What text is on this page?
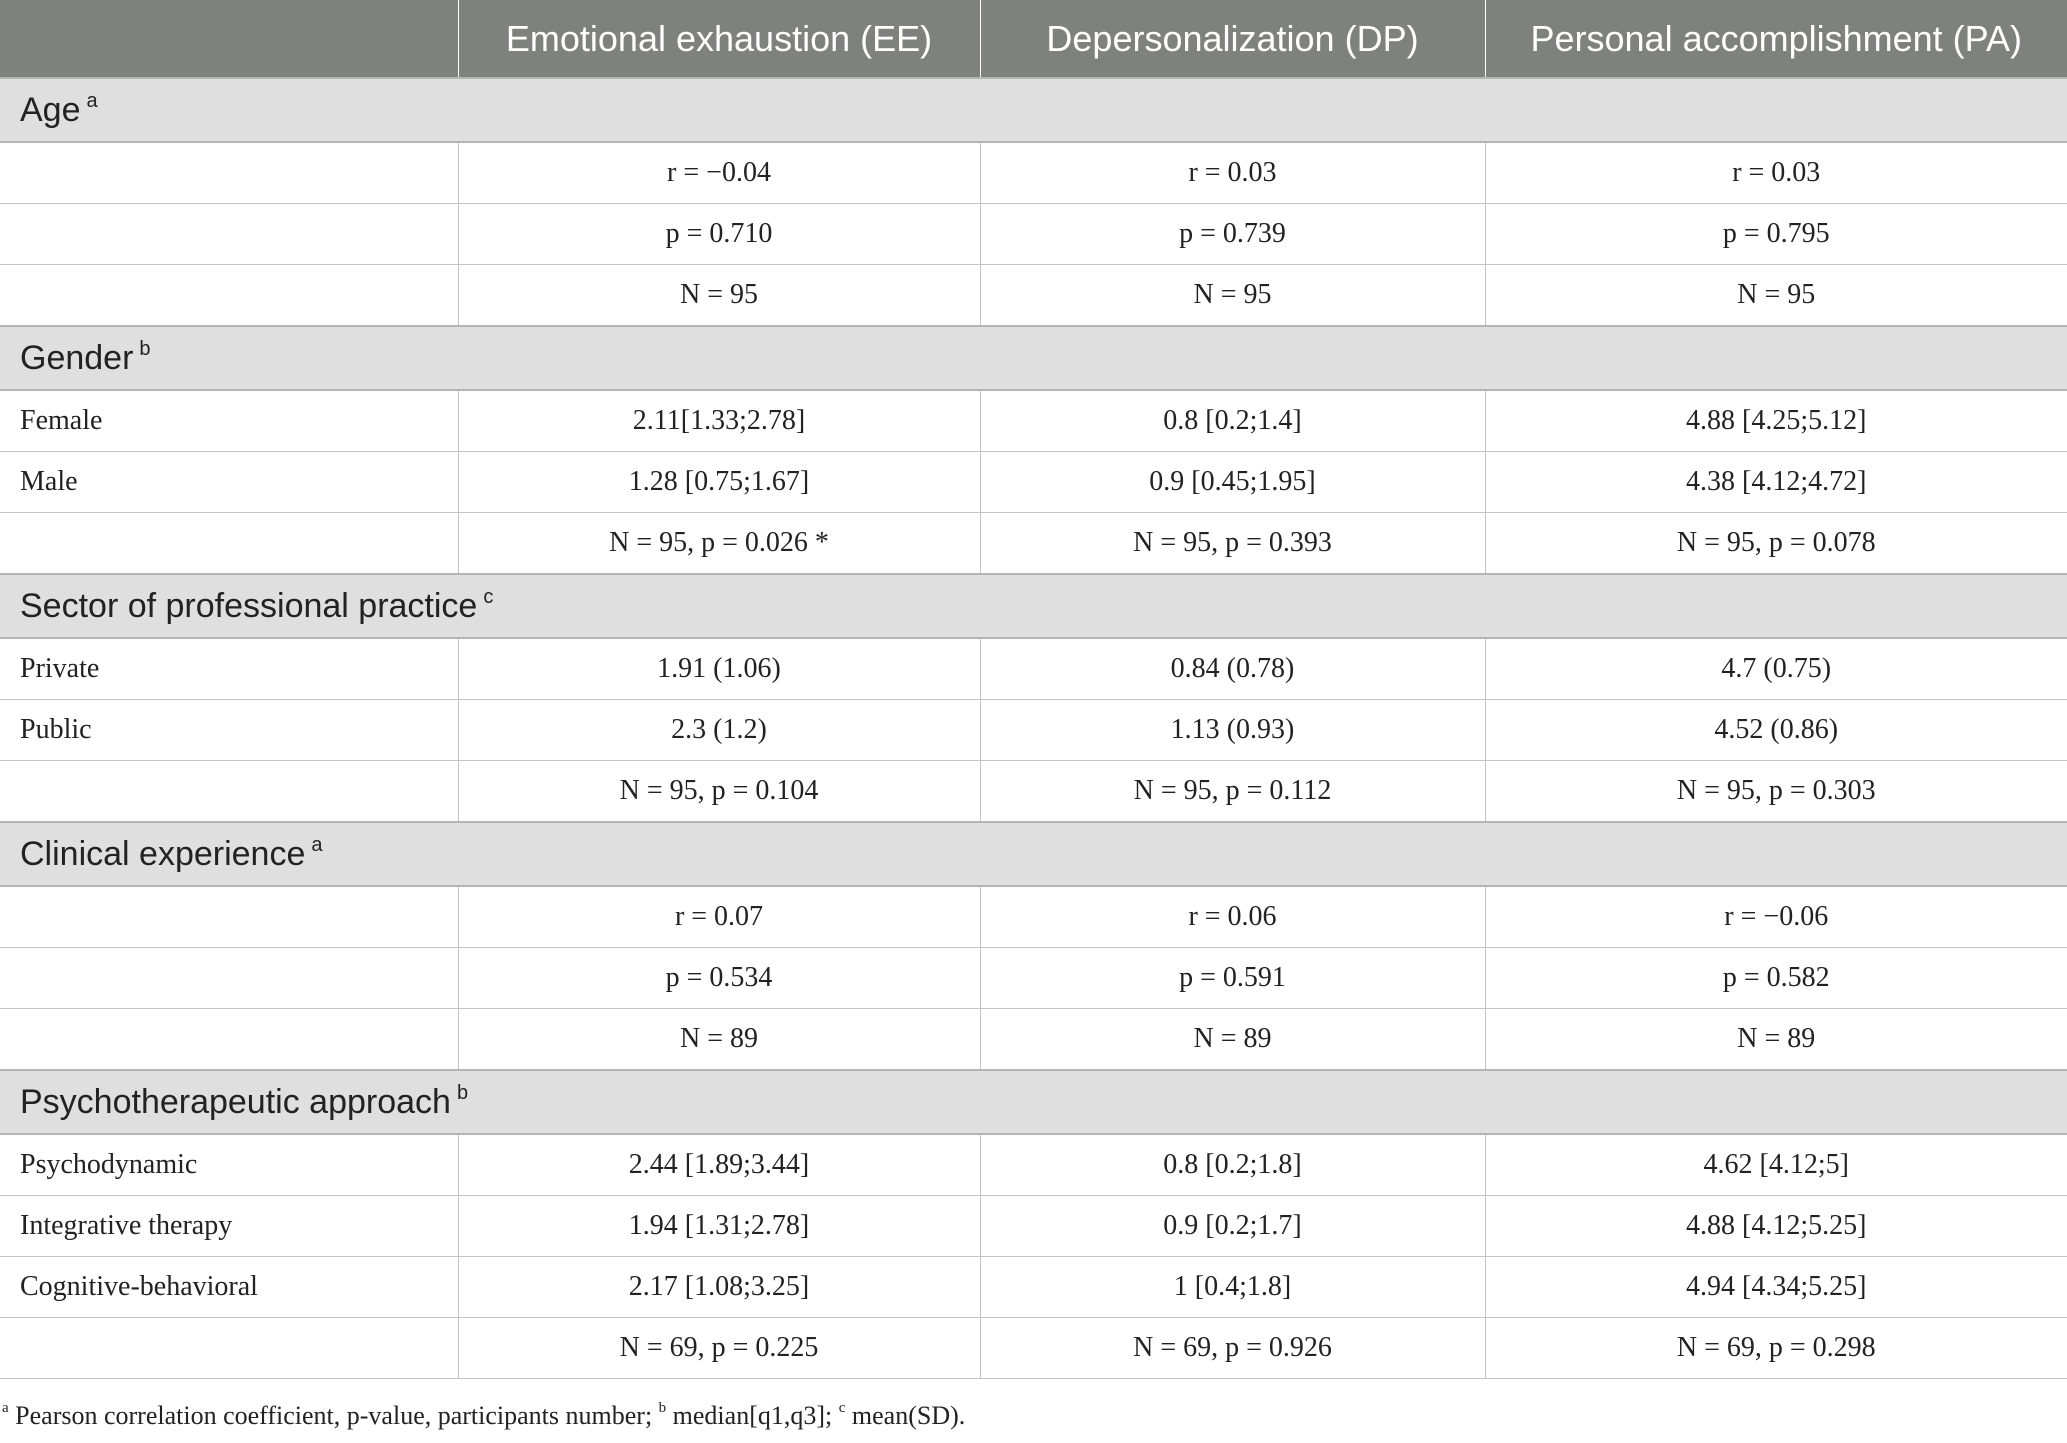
	Emotional exhaustion (EE)	Depersonalization (DP)	Personal accomplishment (PA)
Age $^a$
	r = −0.04	r = 0.03	r = 0.03
	p = 0.710	p = 0.739	p = 0.795
	N = 95	N = 95	N = 95
Gender $^b$
Female	2.11[1.33;2.78]	0.8 [0.2;1.4]	4.88 [4.25;5.12]
Male	1.28 [0.75;1.67]	0.9 [0.45;1.95]	4.38 [4.12;4.72]
	N = 95, p = 0.026 *	N = 95, p = 0.393	N = 95, p = 0.078
Sector of professional practice $^c$
Private	1.91 (1.06)	0.84 (0.78)	4.7 (0.75)
Public	2.3 (1.2)	1.13 (0.93)	4.52 (0.86)
	N = 95, p = 0.104	N = 95, p = 0.112	N = 95, p = 0.303
Clinical experience $^a$
	r = 0.07	r = 0.06	r = −0.06
	p = 0.534	p = 0.591	p = 0.582
	N = 89	N = 89	N = 89
Psychotherapeutic approach $^b$
Psychodynamic	2.44 [1.89;3.44]	0.8 [0.2;1.8]	4.62 [4.12;5]
Integrative therapy	1.94 [1.31;2.78]	0.9 [0.2;1.7]	4.88 [4.12;5.25]
Cognitive-behavioral	2.17 [1.08;3.25]	1 [0.4;1.8]	4.94 [4.34;5.25]
	N = 69, p = 0.225	N = 69, p = 0.926	N = 69, p = 0.298
$^a$ Pearson correlation coefficient, p-value, participants number; $^b$ median[q1,q3]; $^c$ mean(SD).
